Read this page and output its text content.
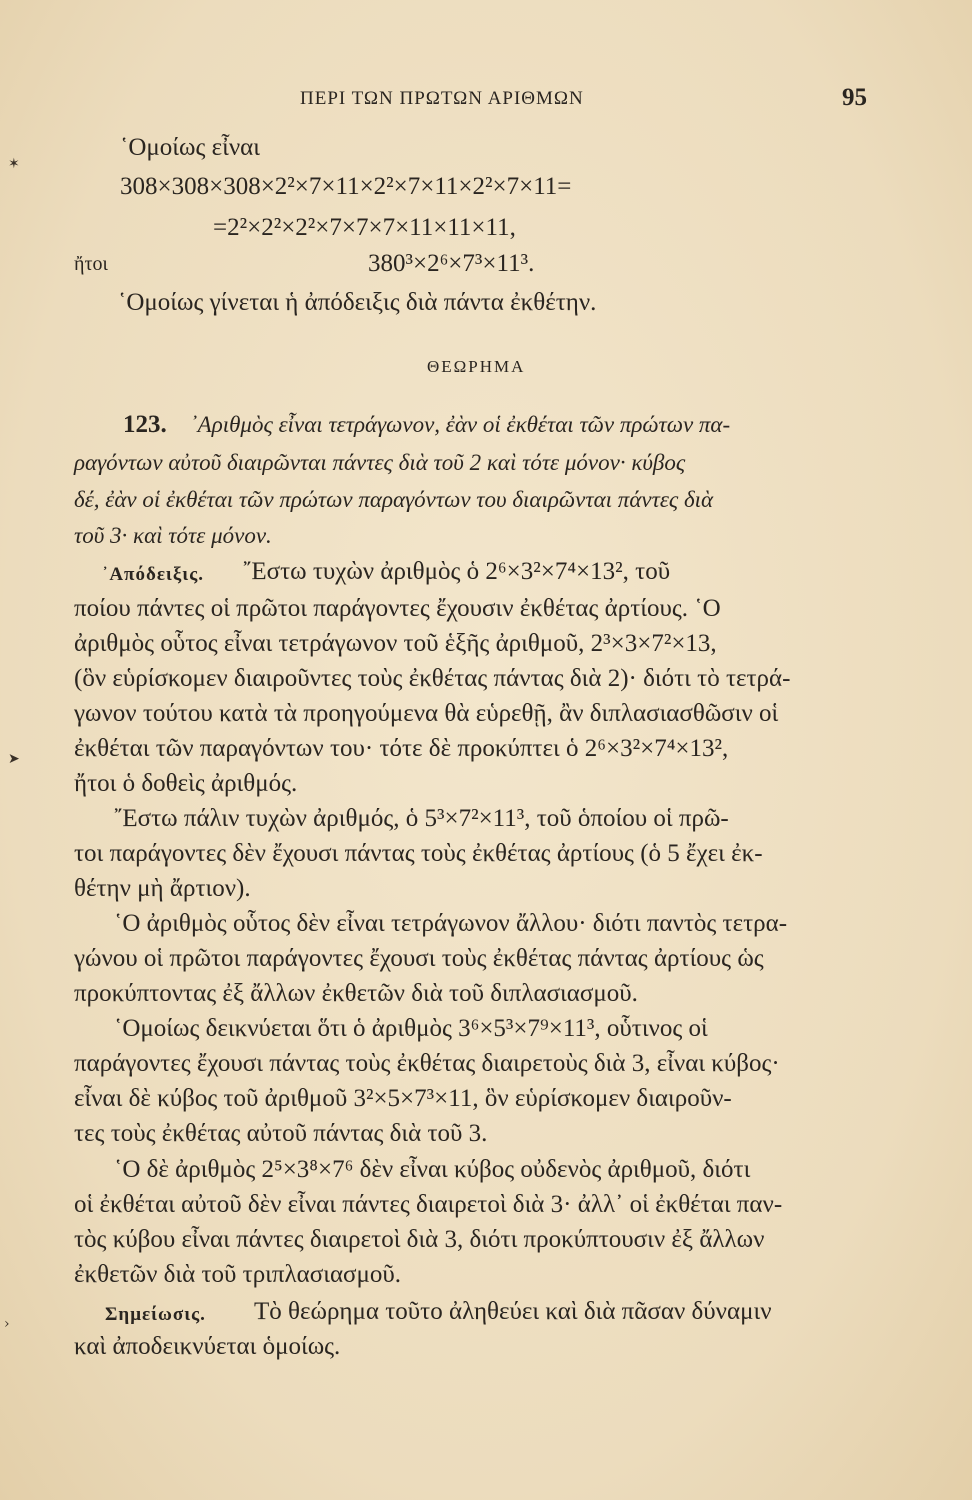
ΠΕΡΙ ΤΩΝ ΠΡΩΤΩΝ ΑΡΙΘΜΩΝ	95
῾Ομοίως εἶναι
308×308×308×2²×7×11×2²×7×11×2²×7×11=
=2²×2²×2²×7×7×7×11×11×11,
ἤτοι	380³×2⁶×7³×11³.
῾Ομοίως γίνεται ἡ ἀπόδειξις διὰ πάντα ἐκθέτην.
ΘΕΩΡΗΜΑ
123. ᾿Αριθμὸς εἶναι τετράγωνον, ἐὰν οἱ ἐκθέται τῶν πρώτων πα-
ραγόντων αὐτοῦ διαιρῶνται πάντες διὰ τοῦ 2 καὶ τότε μόνον· κύβος
δέ, ἐὰν οἱ ἐκθέται τῶν πρώτων παραγόντων του διαιρῶνται πάντες διὰ
τοῦ 3· καὶ τότε μόνον.
᾿Απόδειξις. ῎Εστω τυχὼν ἀριθμὸς ὁ 2⁶×3²×7⁴×13², τοῦ
ποίου πάντες οἱ πρῶτοι παράγοντες ἔχουσιν ἐκθέτας ἀρτίους. ῾Ο
ἀριθμὸς οὗτος εἶναι τετράγωνον τοῦ ἑξῆς ἀριθμοῦ, 2³×3×7²×13,
(ὃν εὑρίσκομεν διαιροῦντες τοὺς ἐκθέτας πάντας διὰ 2)· διότι τὸ τετρά-
γωνον τούτου κατὰ τὰ προηγούμενα θὰ εὑρεθῇ, ἂν διπλασιασθῶσιν οἱ
ἐκθέται τῶν παραγόντων του· τότε δὲ προκύπτει ὁ 2⁶×3²×7⁴×13²,
ἤτοι ὁ δοθεὶς ἀριθμός.
῎Εστω πάλιν τυχὼν ἀριθμός, ὁ 5³×7²×11³, τοῦ ὁποίου οἱ πρῶ-
τοι παράγοντες δὲν ἔχουσι πάντας τοὺς ἐκθέτας ἀρτίους (ὁ 5 ἔχει ἐκ-
θέτην μὴ ἄρτιον).
῾Ο ἀριθμὸς οὗτος δὲν εἶναι τετράγωνον ἄλλου· διότι παντὸς τετρα-
γώνου οἱ πρῶτοι παράγοντες ἔχουσι τοὺς ἐκθέτας πάντας ἀρτίους ὡς
προκύπτοντας ἐξ ἄλλων ἐκθετῶν διὰ τοῦ διπλασιασμοῦ.
῾Ομοίως δεικνύεται ὅτι ὁ ἀριθμὸς 3⁶×5³×7⁹×11³, οὗτινος οἱ
παράγοντες ἔχουσι πάντας τοὺς ἐκθέτας διαιρετοὺς διὰ 3, εἶναι κύβος·
εἶναι δὲ κύβος τοῦ ἀριθμοῦ 3²×5×7³×11, ὃν εὑρίσκομεν διαιροῦν-
τες τοὺς ἐκθέτας αὐτοῦ πάντας διὰ τοῦ 3.
῾Ο δὲ ἀριθμὸς 2⁵×3⁸×7⁶ δὲν εἶναι κύβος οὐδενὸς ἀριθμοῦ, διότι
οἱ ἐκθέται αὐτοῦ δὲν εἶναι πάντες διαιρετοὶ διὰ 3· ἀλλ᾿ οἱ ἐκθέται παν-
τὸς κύβου εἶναι πάντες διαιρετοὶ διὰ 3, διότι προκύπτουσιν ἐξ ἄλλων
ἐκθετῶν διὰ τοῦ τριπλασιασμοῦ.
Σημείωσις. Τὸ θεώρημα τοῦτο ἀληθεύει καὶ διὰ πᾶσαν δύναμιν
καὶ ἀποδεικνύεται ὁμοίως.
✶
➤
›
